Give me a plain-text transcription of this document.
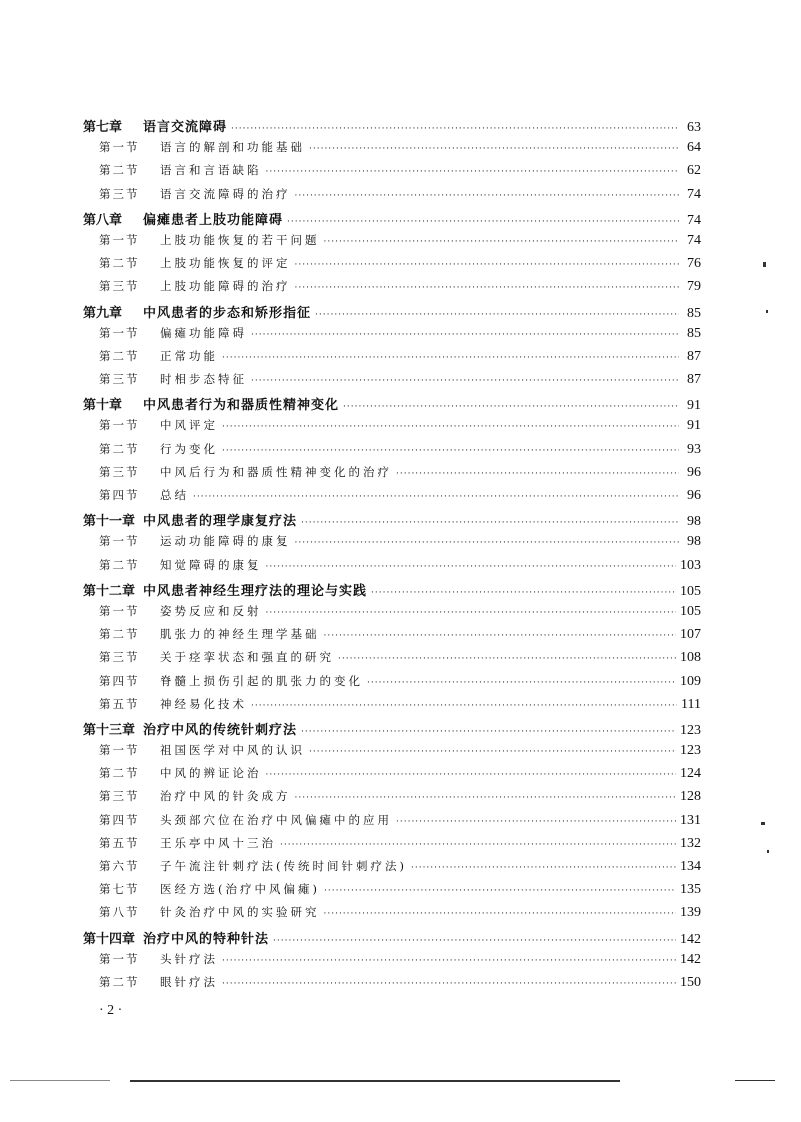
第七章	语言交流障碍 ·····	63
第一节	语言的解剖和功能基础 ·····	64
第二节	语言和言语缺陷 ·····	62
第三节	语言交流障碍的治疗 ·····	74
第八章	偏瘫患者上肢功能障碍 ·····	74
第一节	上肢功能恢复的若干问题 ·····	74
第二节	上肢功能恢复的评定 ·····	76
第三节	上肢功能障碍的治疗 ·····	79
第九章	中风患者的步态和矫形指征 ·····	85
第一节	偏瘫功能障碍 ·····	85
第二节	正常功能 ·····	87
第三节	时相步态特征 ·····	87
第十章	中风患者行为和器质性精神变化 ·····	91
第一节	中风评定 ·····	91
第二节	行为变化 ·····	93
第三节	中风后行为和器质性精神变化的治疗 ·····	96
第四节	总结 ·····	96
第十一章 中风患者的理学康复疗法 ·····	98
第一节	运动功能障碍的康复 ·····	98
第二节	知觉障碍的康复 ·····	103
第十二章 中风患者神经生理疗法的理论与实践 ·····	105
第一节	姿势反应和反射 ·····	105
第二节	肌张力的神经生理学基础 ·····	107
第三节	关于痉挛状态和强直的研究 ·····	108
第四节	脊髓上损伤引起的肌张力的变化 ·····	109
第五节	神经易化技术 ·····	111
第十三章 治疗中风的传统针刺疗法 ·····	123
第一节	祖国医学对中风的认识 ·····	123
第二节	中风的辨证论治 ·····	124
第三节	治疗中风的针灸成方 ·····	128
第四节	头颈部穴位在治疗中风偏瘫中的应用 ·····	131
第五节	王乐亭中风十三治 ·····	132
第六节	子午流注针刺疗法(传统时间针刺疗法) ·····	134
第七节	医经方选(治疗中风偏瘫) ·····	135
第八节	针灸治疗中风的实验研究 ·····	139
第十四章 治疗中风的特种针法 ·····	142
第一节	头针疗法 ·····	142
第二节	眼针疗法 ·····	150
· 2 ·
